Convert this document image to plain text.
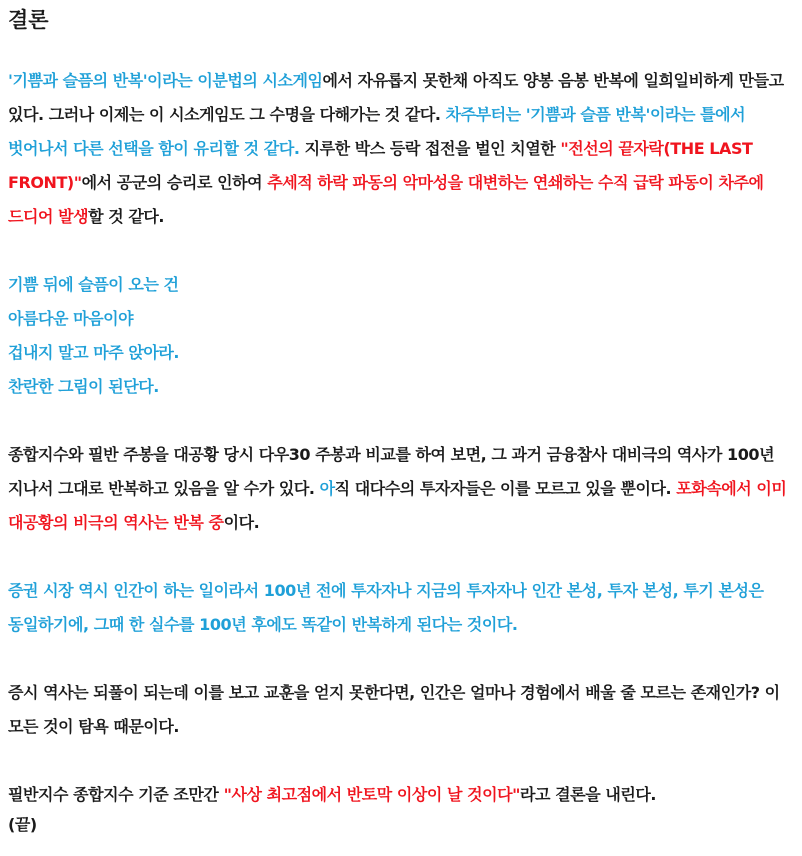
결론

'기쁨과 슬픔의 반복'이라는 이분법의 시소게임에서 자유롭지 못한채 아직도 양봉 음봉 반복에 일희일비하게 만들고 있다. 그러나 이제는 이 시소게임도 그 수명을 다해가는 것 같다. 차주부터는 '기쁨과 슬픔 반복'이라는 틀에서 벗어나서 다른 선택을 함이 유리할 것 같다. 지루한 박스 등락 접전을 벌인 치열한 "전선의 끝자락(THE LAST FRONT)"에서 공군의 승리로 인하여 추세적 하락 파동의 악마성을 대변하는 연쇄하는 수직 급락 파동이 차주에 드디어 발생할 것 같다.

기쁨 뒤에 슬픔이 오는 건

아름다운 마음이야

겁내지 말고 마주 앉아라.

찬란한 그림이 된단다.

종합지수와 필반 주봉을 대공황 당시 다우30 주봉과 비교를 하여 보면, 그 과거 금융참사 대비극의 역사가 100년 지나서 그대로 반복하고 있음을 알 수가 있다. 아직 대다수의 투자자들은 이를 모르고 있을 뿐이다. 포화속에서 이미 대공황의 비극의 역사는 반복 중이다.

증권 시장 역시 인간이 하는 일이라서 100년 전에 투자자나 지금의 투자자나 인간 본성, 투자 본성, 투기 본성은 동일하기에, 그때 한 실수를 100년 후에도 똑같이 반복하게 된다는 것이다.

증시 역사는 되풀이 되는데 이를 보고 교훈을 얻지 못한다면, 인간은 얼마나 경험에서 배울 줄 모르는 존재인가? 이 모든 것이 탐욕 때문이다.

필반지수 종합지수 기준 조만간 "사상 최고점에서 반토막 이상이 날 것이다"라고 결론을 내린다.

(끝)
